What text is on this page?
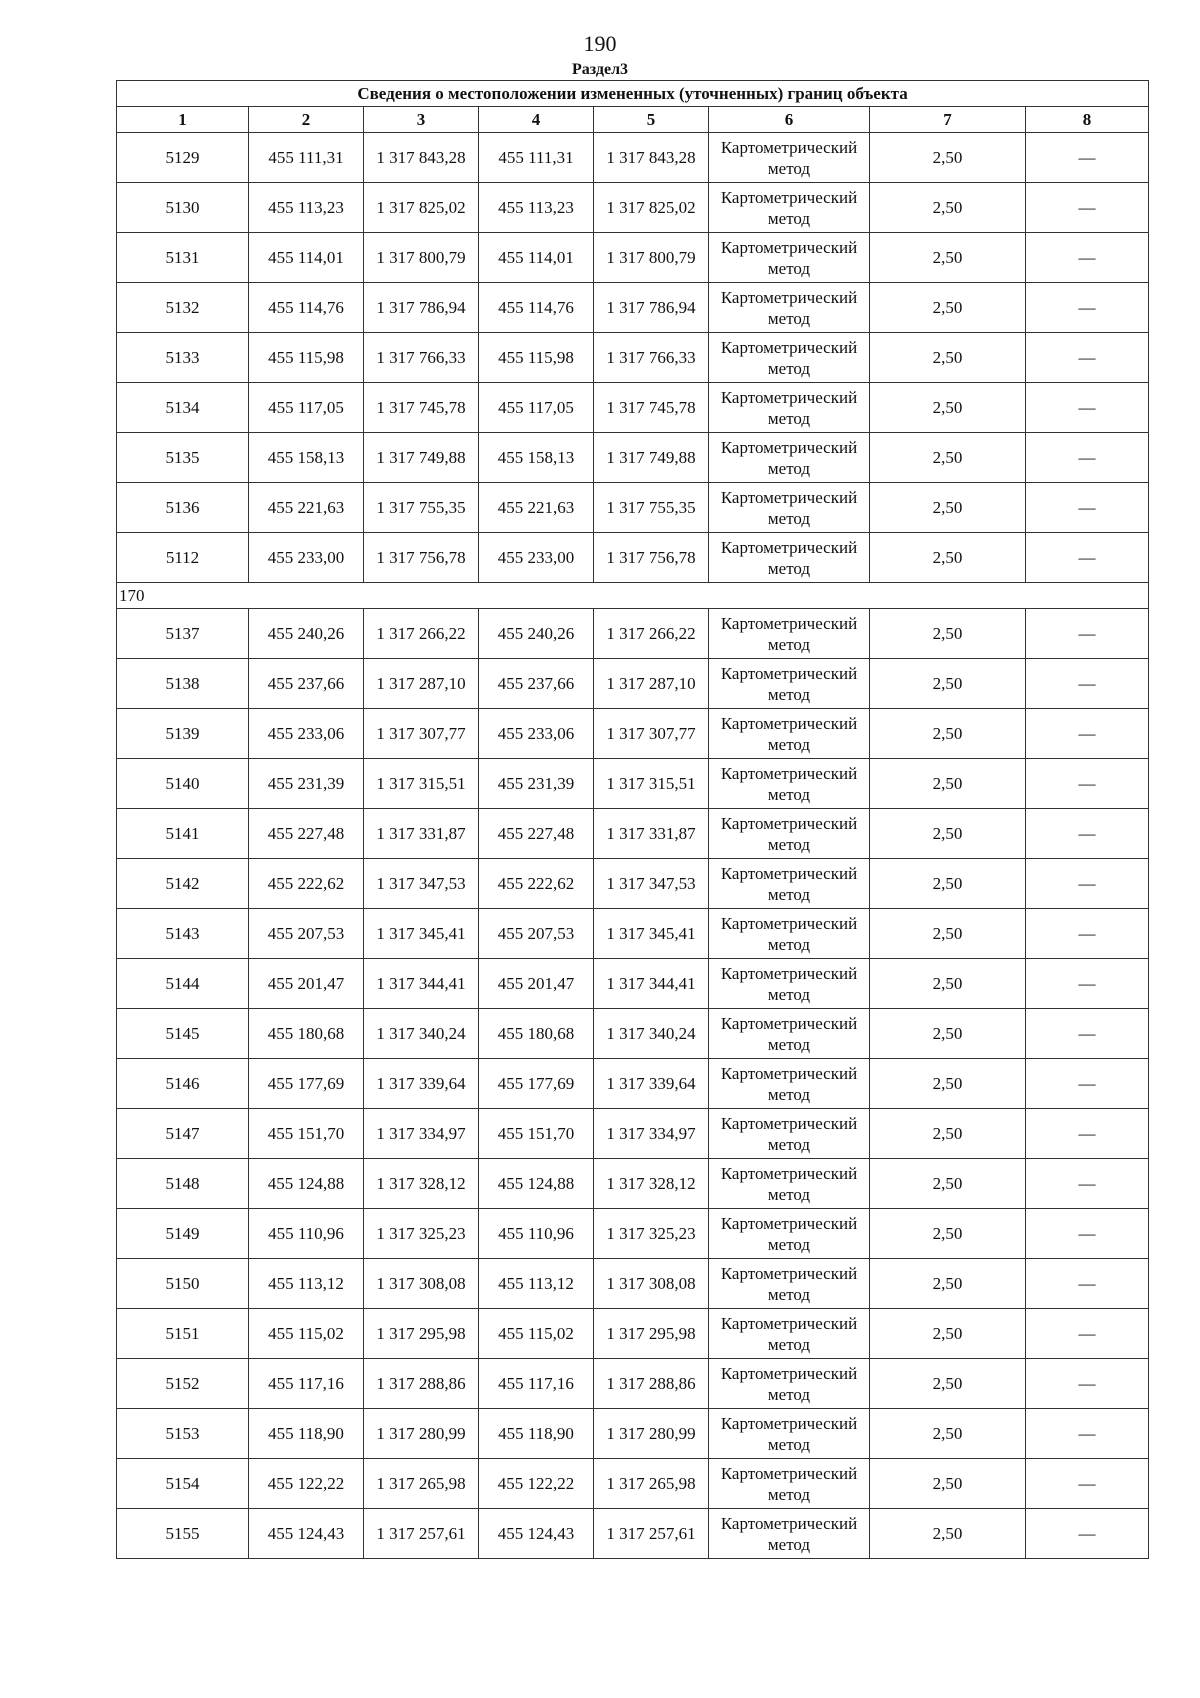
190
Раздел3
Сведения о местоположении измененных (уточненных) границ объекта							
1	2	3	4	5	6	7	8
5129	455 111,31	1 317 843,28	455 111,31	1 317 843,28	Картометрический метод	2,50	—
5130	455 113,23	1 317 825,02	455 113,23	1 317 825,02	Картометрический метод	2,50	—
5131	455 114,01	1 317 800,79	455 114,01	1 317 800,79	Картометрический метод	2,50	—
5132	455 114,76	1 317 786,94	455 114,76	1 317 786,94	Картометрический метод	2,50	—
5133	455 115,98	1 317 766,33	455 115,98	1 317 766,33	Картометрический метод	2,50	—
5134	455 117,05	1 317 745,78	455 117,05	1 317 745,78	Картометрический метод	2,50	—
5135	455 158,13	1 317 749,88	455 158,13	1 317 749,88	Картометрический метод	2,50	—
5136	455 221,63	1 317 755,35	455 221,63	1 317 755,35	Картометрический метод	2,50	—
5112	455 233,00	1 317 756,78	455 233,00	1 317 756,78	Картометрический метод	2,50	—
170							
5137	455 240,26	1 317 266,22	455 240,26	1 317 266,22	Картометрический метод	2,50	—
5138	455 237,66	1 317 287,10	455 237,66	1 317 287,10	Картометрический метод	2,50	—
5139	455 233,06	1 317 307,77	455 233,06	1 317 307,77	Картометрический метод	2,50	—
5140	455 231,39	1 317 315,51	455 231,39	1 317 315,51	Картометрический метод	2,50	—
5141	455 227,48	1 317 331,87	455 227,48	1 317 331,87	Картометрический метод	2,50	—
5142	455 222,62	1 317 347,53	455 222,62	1 317 347,53	Картометрический метод	2,50	—
5143	455 207,53	1 317 345,41	455 207,53	1 317 345,41	Картометрический метод	2,50	—
5144	455 201,47	1 317 344,41	455 201,47	1 317 344,41	Картометрический метод	2,50	—
5145	455 180,68	1 317 340,24	455 180,68	1 317 340,24	Картометрический метод	2,50	—
5146	455 177,69	1 317 339,64	455 177,69	1 317 339,64	Картометрический метод	2,50	—
5147	455 151,70	1 317 334,97	455 151,70	1 317 334,97	Картометрический метод	2,50	—
5148	455 124,88	1 317 328,12	455 124,88	1 317 328,12	Картометрический метод	2,50	—
5149	455 110,96	1 317 325,23	455 110,96	1 317 325,23	Картометрический метод	2,50	—
5150	455 113,12	1 317 308,08	455 113,12	1 317 308,08	Картометрический метод	2,50	—
5151	455 115,02	1 317 295,98	455 115,02	1 317 295,98	Картометрический метод	2,50	—
5152	455 117,16	1 317 288,86	455 117,16	1 317 288,86	Картометрический метод	2,50	—
5153	455 118,90	1 317 280,99	455 118,90	1 317 280,99	Картометрический метод	2,50	—
5154	455 122,22	1 317 265,98	455 122,22	1 317 265,98	Картометрический метод	2,50	—
5155	455 124,43	1 317 257,61	455 124,43	1 317 257,61	Картометрический метод	2,50	—
